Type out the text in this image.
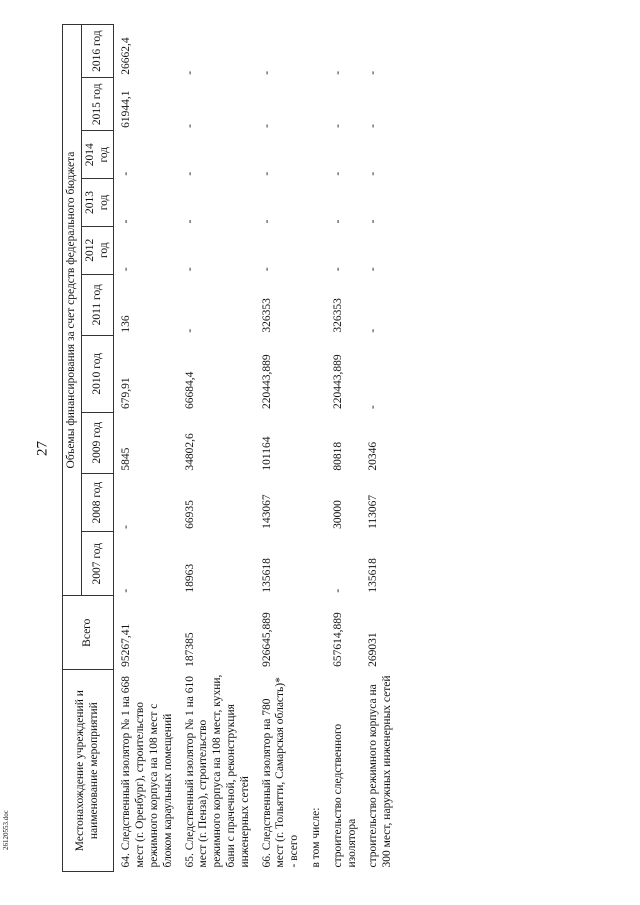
27
26120553.doc	Местонахождение учреждений и наименование мероприятий	Всего	Объемы финансирования за счет средств федерального бюджета									
		2007 год	2008 год	2009 год	2010 год	2011 год	2012 год	2013 год	2014 год	2015 год	2016 год
64. Следственный изолятор № 1 на 668 мест (г. Оренбург), строительство режимного корпуса на 108 мест с блоком караульных помещений	95267,41	-	-	5845	679,91	136	-	-	-	61944,1	26662,4
65. Следственный изолятор № 1 на 610 мест (г. Пенза), строительство режимного корпуса на 108 мест, кухни, бани с прачечной, реконструкция инженерных сетей	187385	18963	66935	34802,6	66684,4	-	-	-	-	-	-
66. Следственный изолятор на 780 мест (г. Тольятти, Самарская область)* - всего	926645,889	135618	143067	101164	220443,889	326353	-	-	-	-	-
в том числе:											
строительство следственного изолятора	657614,889	-	30000	80818	220443,889	326353	-	-	-	-	-
строительство режимного корпуса на 300 мест, наружных инженерных сетей	269031	135618	113067	20346	-	-	-	-	-	-	-
